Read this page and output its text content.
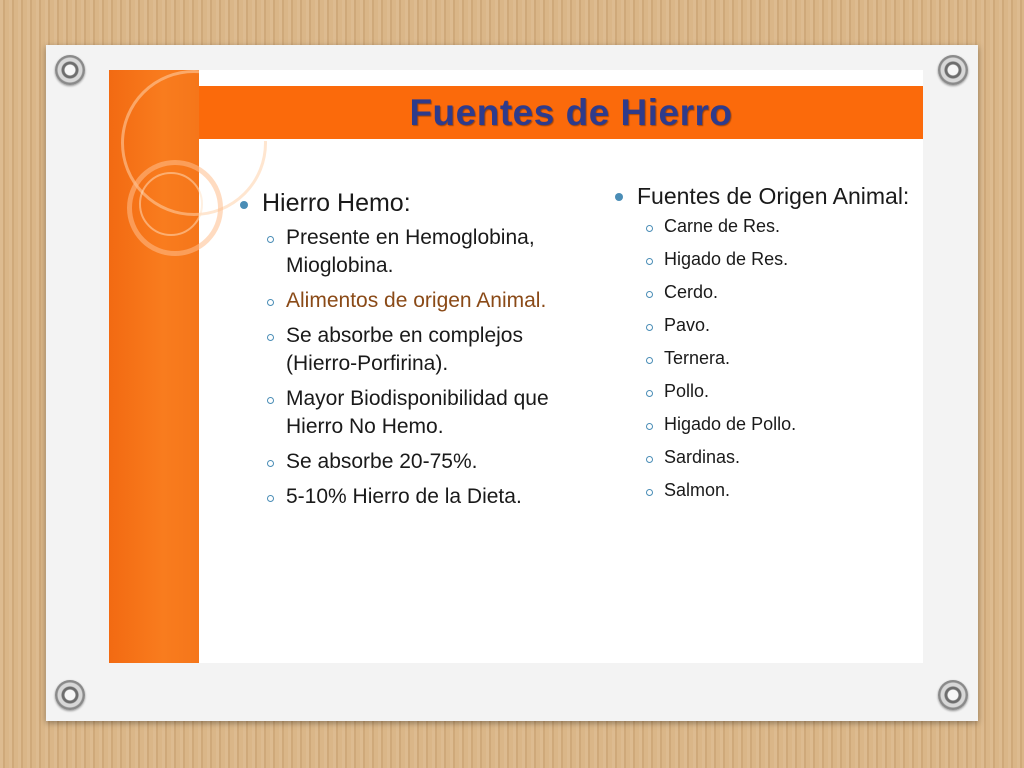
Fuentes de Hierro
Hierro Hemo:
Presente en Hemoglobina, Mioglobina.
Alimentos de origen Animal.
Se absorbe en complejos (Hierro-Porfirina).
Mayor Biodisponibilidad que Hierro No Hemo.
Se absorbe 20-75%.
5-10% Hierro de la Dieta.
Fuentes de Origen Animal:
Carne de Res.
Higado de Res.
Cerdo.
Pavo.
Ternera.
Pollo.
Higado de Pollo.
Sardinas.
Salmon.
